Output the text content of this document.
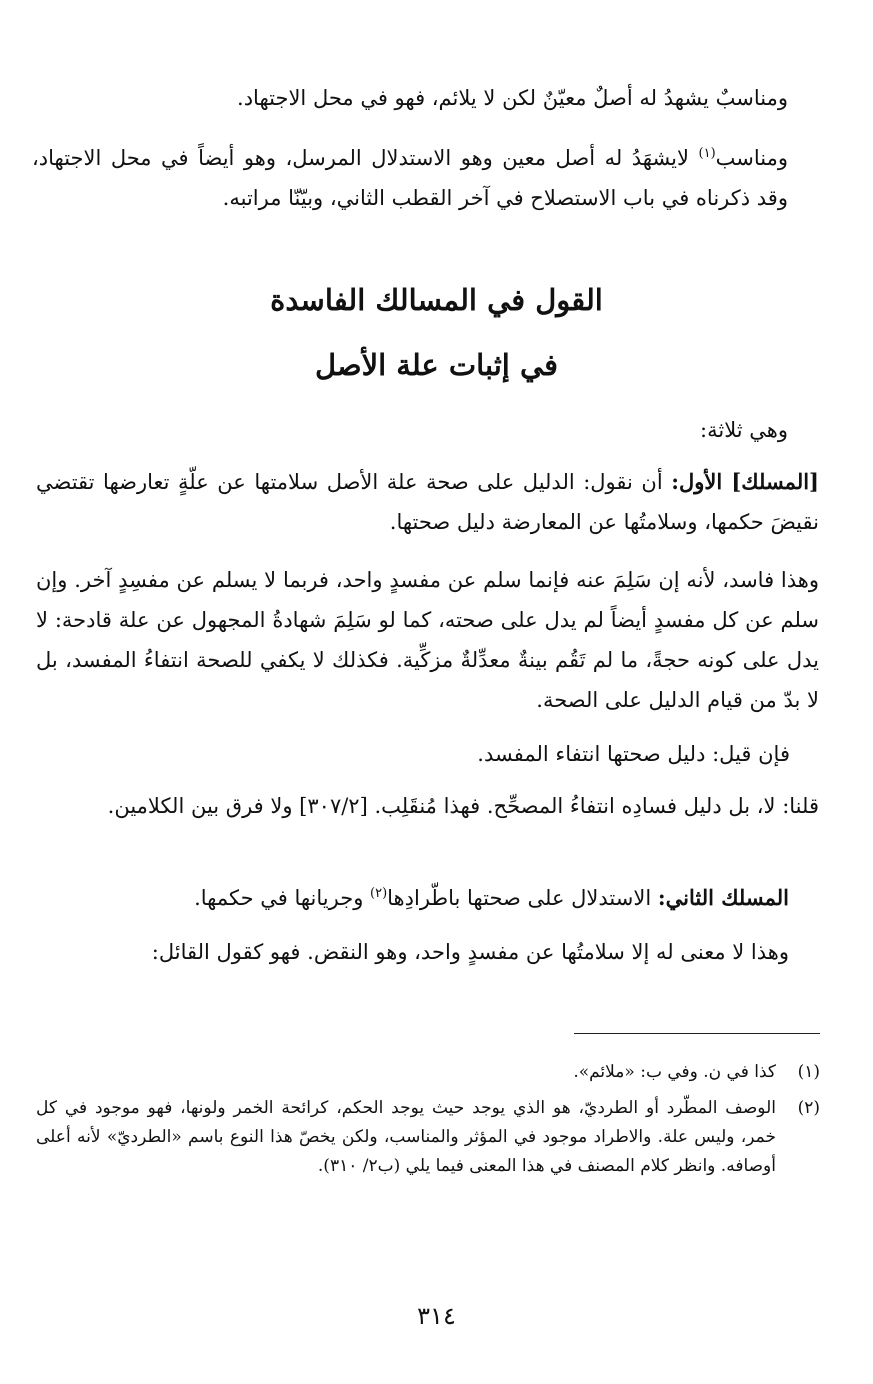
ومناسبٌ يشهدُ له أصلٌ معيّنٌ لكن لا يلائم، فهو في محل الاجتهاد.

ومناسب$^{(١)}$ لايشهَدُ له أصل معين وهو الاستدلال المرسل، وهو أيضاً في محل الاجتهاد، وقد ذكرناه في باب الاستصلاح في آخر القطب الثاني، وبيّنّا مراتبه.

القول في المسالك الفاسدة
في إثبات علة الأصل

وهي ثلاثة:

[المسلك] الأول: أن نقول: الدليل على صحة علة الأصل سلامتها عن علّةٍ تعارضها تقتضي نقيضَ حكمها، وسلامتُها عن المعارضة دليل صحتها.

وهذا فاسد، لأنه إن سَلِمَ عنه فإنما سلم عن مفسدٍ واحد، فربما لا يسلم عن مفسِدٍ آخر. وإن سلم عن كل مفسدٍ أيضاً لم يدل على صحته، كما لو سَلِمَ شهادةُ المجهول عن علة قادحة: لا يدل على كونه حجةً، ما لم تَقُم بينةٌ معدِّلةٌ مزكِّية. فكذلك لا يكفي للصحة انتفاءُ المفسد، بل لا بدّ من قيام الدليل على الصحة.

فإن قيل: دليل صحتها انتفاء المفسد.

قلنا: لا، بل دليل فسادِه انتفاءُ المصحِّح. فهذا مُنقَلِب. [٣٠٧/٢] ولا فرق بين الكلامين.

المسلك الثاني: الاستدلال على صحتها باطّرادِها$^{(٢)}$ وجريانها في حكمها.

وهذا لا معنى له إلا سلامتُها عن مفسدٍ واحد، وهو النقض. فهو كقول القائل:

(١)
كذا في ن. وفي ب: «ملائم».
(٢)
الوصف المطّرد أو الطرديّ، هو الذي يوجد حيث يوجد الحكم، كرائحة الخمر ولونها، فهو موجود في كل خمر، وليس علة. والاطراد موجود في المؤثر والمناسب، ولكن يخصّ هذا النوع باسم «الطرديّ» لأنه أعلى أوصافه. وانظر كلام المصنف في هذا المعنى فيما يلي (ب٢/ ٣١٠).
٣١٤
